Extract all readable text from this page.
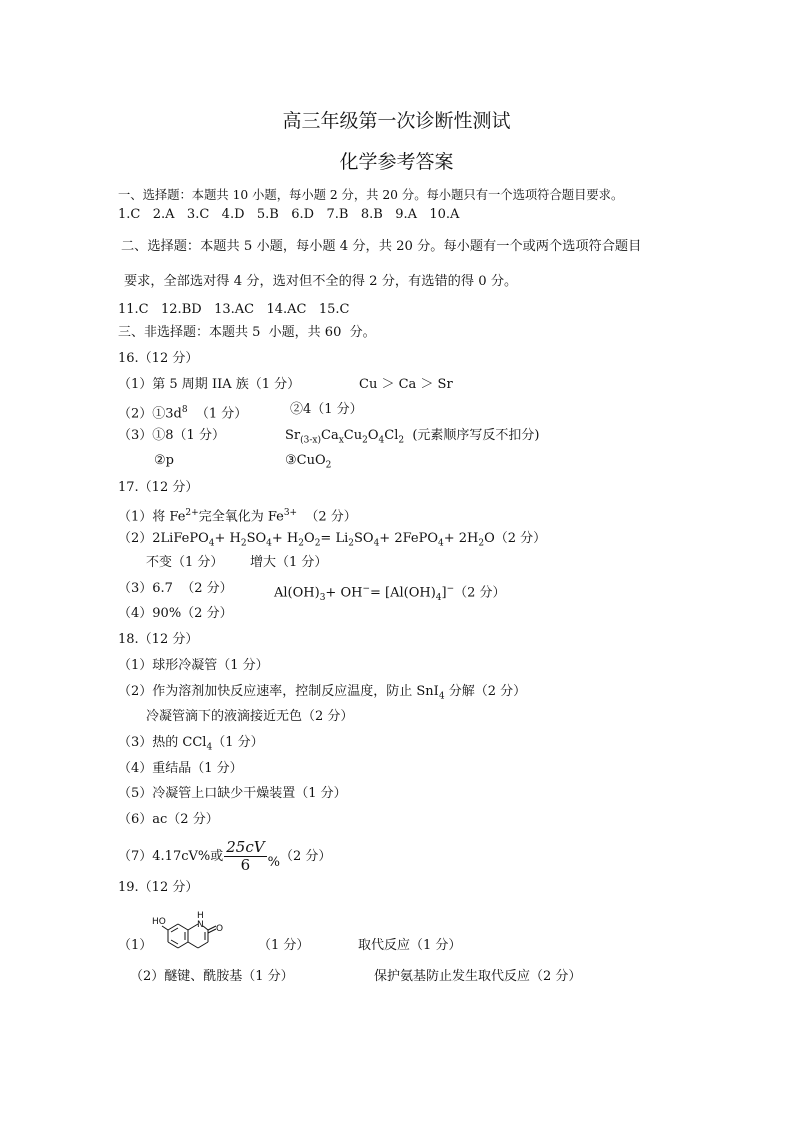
高三年级第一次诊断性测试
化学参考答案
一、选择题：本题共 10 小题，每小题 2 分，共 20 分。每小题只有一个选项符合题目要求。
1.C   2.A   3.C   4.D   5.B   6.D   7.B   8.B   9.A   10.A
二、选择题：本题共 5 小题，每小题 4 分，共 20 分。每小题有一个或两个选项符合题目
要求，全部选对得 4 分，选对但不全的得 2 分，有选错的得 0 分。
11.C   12.BD   13.AC   14.AC   15.C
三、非选择题：本题共 5  小题，共 60  分。
16.（12 分）
（1）第 5 周期 IIA 族（1 分）	Cu ＞ Ca ＞ Sr
$(2)①3d^8$  （1 分）	②4（1 分）
（3）①8（1 分）	$Sr_{(3-x)}Ca_xCu_2O_4Cl_2$  (元素顺序写反不扣分)
②p	③CuO$_2$
17.（12 分）
（1）将 $Fe^{2+}$完全氧化为 $Fe^{3+}$  （2 分）
（2）2LiFePO$_4$+ $H_2SO_4+ H_2O_2= Li_2SO_4+$ 2FePO$_4$+ $2H_2O(2$ 分）
不变（1 分） 增大（1 分）
（3）6.7  （2 分）	$Al(OH)_3+ OH^-= [Al(OH)_4]^-(2$ 分）
（4）90%（2 分）
18.（12 分）
（1）球形冷凝管（1 分）
（2）作为溶剂加快反应速率，控制反应温度，防止 SnI$_4$ 分解（2 分）
冷凝管滴下的液滴接近无色（2 分）
（3）热的 CCl$_4$（1 分）
（4）重结晶（1 分）
（5）冷凝管上口缺少干燥装置（1 分）
（6）ac（2 分）
（7）4.17cV%或 $\frac{25cV}{6} \%(2$ 分）
19.（12 分）
（1）
HO	N
H
O
（1 分）	取代反应（1 分）
（2）醚键、酰胺基（1 分）	保护氨基防止发生取代反应（2 分）
